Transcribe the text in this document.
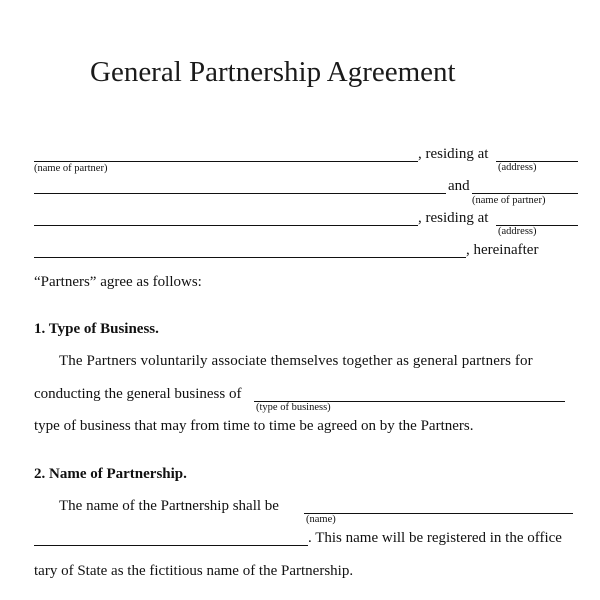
General Partnership Agreement
(name of partner)
, residing at
(address)
and
(name of partner)
, residing at
(address)
, hereinafter
“Partners” agree as follows:
1. Type of Business.
The Partners voluntarily associate themselves together as general partners for
conducting the general business of
(type of business)
type of business that may from time to time be agreed on by the Partners.
2. Name of Partnership.
The name of the Partnership shall be
(name)
. This name will be registered in the office
tary of State as the fictitious name of the Partnership.
